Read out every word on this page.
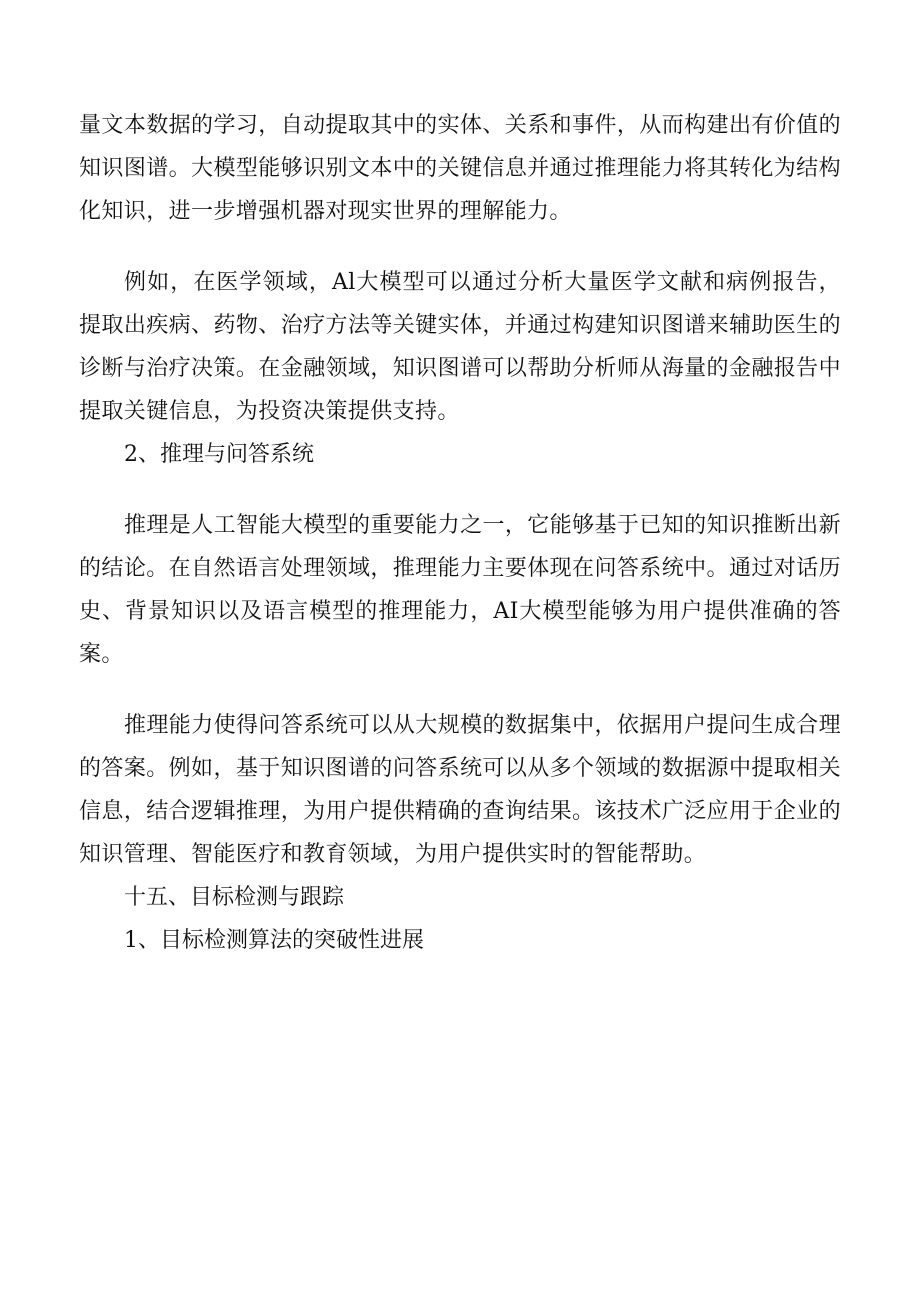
量文本数据的学习，自动提取其中的实体、关系和事件，从而构建出有价值的知识图谱。大模型能够识别文本中的关键信息并通过推理能力将其转化为结构化知识，进一步增强机器对现实世界的理解能力。

例如，在医学领域，Al大模型可以通过分析大量医学文献和病例报告，提取出疾病、药物、治疗方法等关键实体，并通过构建知识图谱来辅助医生的诊断与治疗决策。在金融领域，知识图谱可以帮助分析师从海量的金融报告中提取关键信息，为投资决策提供支持。

2、推理与问答系统

推理是人工智能大模型的重要能力之一，它能够基于已知的知识推断出新的结论。在自然语言处理领域，推理能力主要体现在问答系统中。通过对话历史、背景知识以及语言模型的推理能力，AI大模型能够为用户提供准确的答案。

推理能力使得问答系统可以从大规模的数据集中，依据用户提问生成合理的答案。例如，基于知识图谱的问答系统可以从多个领域的数据源中提取相关信息，结合逻辑推理，为用户提供精确的查询结果。该技术广泛应用于企业的知识管理、智能医疗和教育领域，为用户提供实时的智能帮助。

十五、目标检测与跟踪

1、目标检测算法的突破性进展
